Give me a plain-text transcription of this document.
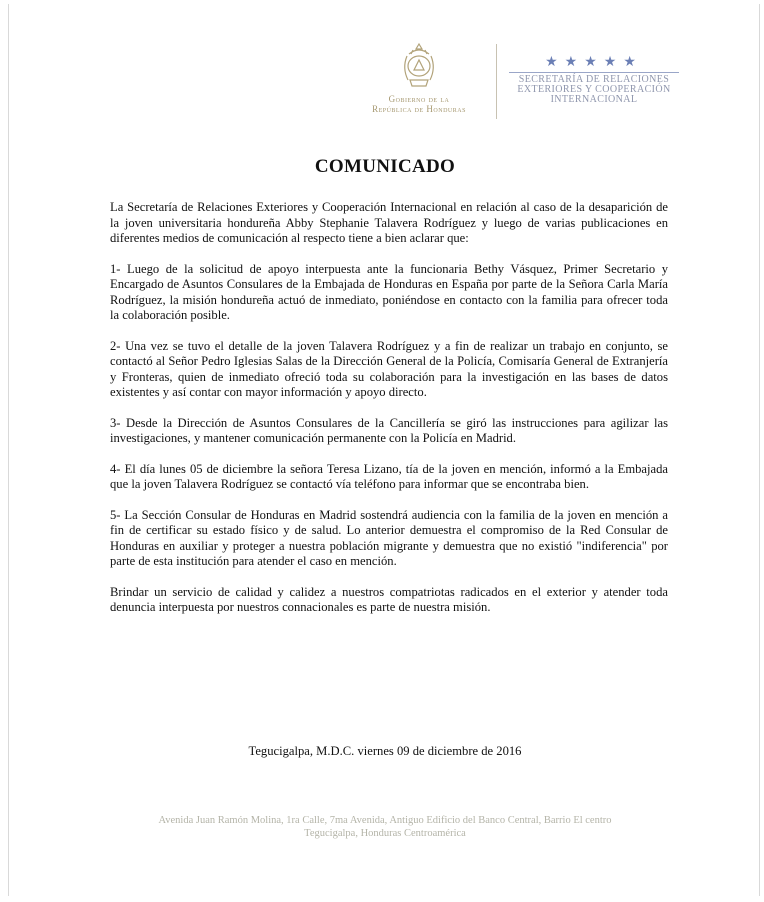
Gobierno de la
República de Honduras
★★★★★
SECRETARÍA DE RELACIONES
EXTERIORES Y COOPERACIÓN
INTERNACIONAL
COMUNICADO

La Secretaría de Relaciones Exteriores y Cooperación Internacional en relación al caso de la desaparición de la joven universitaria hondureña Abby Stephanie Talavera Rodríguez y luego de varias publicaciones en diferentes medios de comunicación al respecto tiene a bien aclarar que:

1- Luego de la solicitud de apoyo interpuesta ante la funcionaria Bethy Vásquez, Primer Secretario y Encargado de Asuntos Consulares de la Embajada de Honduras en España por parte de la Señora Carla María Rodríguez, la misión hondureña actuó de inmediato, poniéndose en contacto con la familia para ofrecer toda la colaboración posible.

2- Una vez se tuvo el detalle de la joven Talavera Rodríguez y a fin de realizar un trabajo en conjunto, se contactó al Señor Pedro Iglesias Salas de la Dirección General de la Policía, Comisaría General de Extranjería y Fronteras, quien de inmediato ofreció toda su colaboración para la investigación en las bases de datos existentes y así contar con mayor información y apoyo directo.

3- Desde la Dirección de Asuntos Consulares de la Cancillería se giró las instrucciones para agilizar las investigaciones, y mantener comunicación permanente con la Policía en Madrid.

4- El día lunes 05 de diciembre la señora Teresa Lizano, tía de la joven en mención, informó a la Embajada que la joven Talavera Rodríguez se contactó vía teléfono para informar que se encontraba bien.

5- La Sección Consular de Honduras en Madrid sostendrá audiencia con la familia de la joven en mención a fin de certificar su estado físico y de salud. Lo anterior demuestra el compromiso de la Red Consular de Honduras en auxiliar y proteger a nuestra población migrante y demuestra que no existió "indiferencia" por parte de esta institución para atender el caso en mención.

Brindar un servicio de calidad y calidez a nuestros compatriotas radicados en el exterior y atender toda denuncia interpuesta por nuestros connacionales es parte de nuestra misión.

Tegucigalpa, M.D.C. viernes 09 de diciembre de 2016
Avenida Juan Ramón Molina, 1ra Calle, 7ma Avenida, Antiguo Edificio del Banco Central, Barrio El centro
Tegucigalpa, Honduras Centroamérica
